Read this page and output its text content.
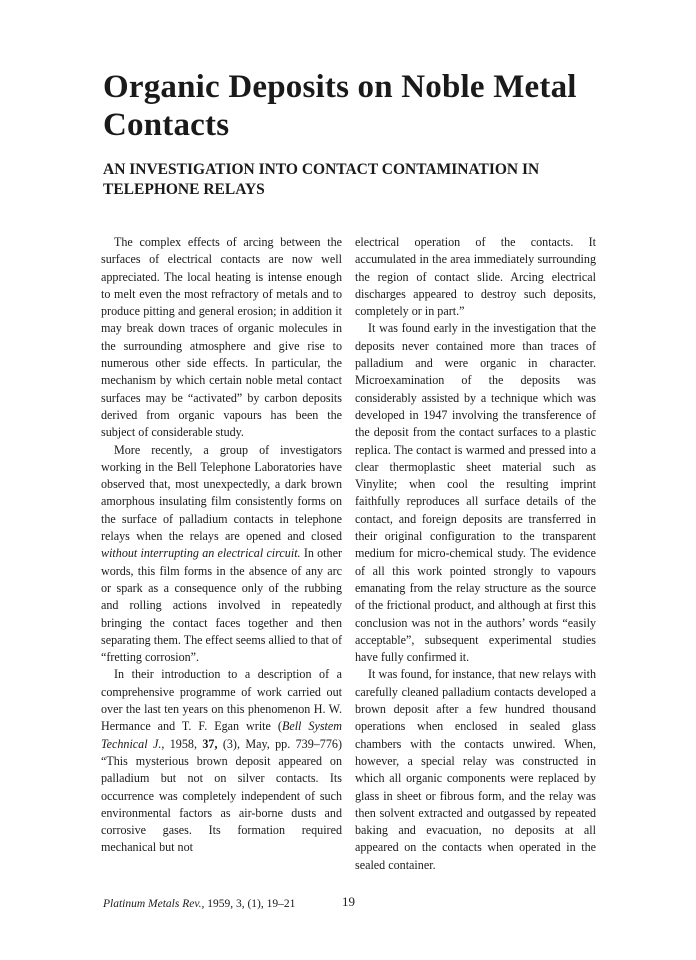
Organic Deposits on Noble Metal Contacts
AN INVESTIGATION INTO CONTACT CONTAMINATION IN TELEPHONE RELAYS

The complex effects of arcing between the surfaces of electrical contacts are now well appreciated. The local heating is intense enough to melt even the most refractory of metals and to produce pitting and general erosion; in addition it may break down traces of organic molecules in the surrounding atmosphere and give rise to numerous other side effects. In particular, the mechanism by which certain noble metal contact surfaces may be “activated” by carbon deposits derived from organic vapours has been the subject of considerable study.

More recently, a group of investigators working in the Bell Telephone Laboratories have observed that, most unexpectedly, a dark brown amorphous insulating film consistently forms on the surface of palladium contacts in telephone relays when the relays are opened and closed without interrupting an electrical circuit. In other words, this film forms in the absence of any arc or spark as a consequence only of the rubbing and rolling actions involved in repeatedly bringing the contact faces together and then separating them. The effect seems allied to that of “fretting corrosion”.

In their introduction to a description of a comprehensive programme of work carried out over the last ten years on this phenomenon H. W. Hermance and T. F. Egan write (Bell System Technical J., 1958, 37, (3), May, pp. 739–776) “This mysterious brown deposit appeared on palladium but not on silver contacts. Its occurrence was completely independent of such environmental factors as air-borne dusts and corrosive gases. Its formation required mechanical but not

electrical operation of the contacts. It accumulated in the area immediately surrounding the region of contact slide. Arcing electrical discharges appeared to destroy such deposits, completely or in part.”

It was found early in the investigation that the deposits never contained more than traces of palladium and were organic in character. Microexamination of the deposits was considerably assisted by a technique which was developed in 1947 involving the transference of the deposit from the contact surfaces to a plastic replica. The contact is warmed and pressed into a clear thermoplastic sheet material such as Vinylite; when cool the resulting imprint faithfully reproduces all surface details of the contact, and foreign deposits are transferred in their original configuration to the transparent medium for micro-chemical study. The evidence of all this work pointed strongly to vapours emanating from the relay structure as the source of the frictional product, and although at first this conclusion was not in the authors’ words “easily acceptable”, subsequent experimental studies have fully confirmed it.

It was found, for instance, that new relays with carefully cleaned palladium contacts developed a brown deposit after a few hundred thousand operations when enclosed in sealed glass chambers with the contacts unwired. When, however, a special relay was constructed in which all organic components were replaced by glass in sheet or fibrous form, and the relay was then solvent extracted and outgassed by repeated baking and evacuation, no deposits at all appeared on the contacts when operated in the sealed container.

Platinum Metals Rev., 1959, 3, (1), 19–21	19
